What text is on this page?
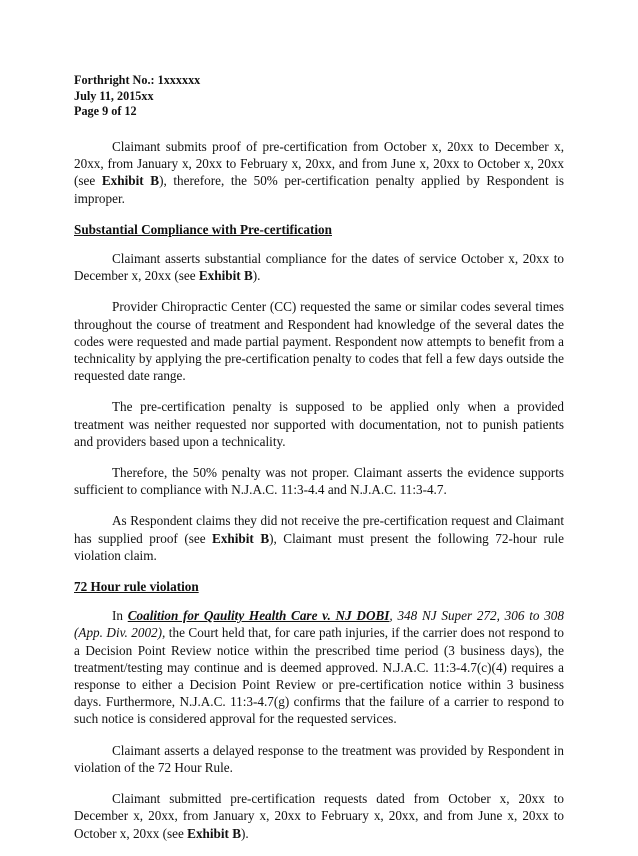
Forthright No.: 1xxxxxx
July 11, 2015xx
Page 9 of 12

Claimant submits proof of pre-certification from October x, 20xx to December x, 20xx, from January x, 20xx to February x, 20xx, and from June x, 20xx to October x, 20xx (see Exhibit B), therefore, the 50% per-certification penalty applied by Respondent is improper.

Substantial Compliance with Pre-certification

Claimant asserts substantial compliance for the dates of service October x, 20xx to December x, 20xx (see Exhibit B).

Provider Chiropractic Center (CC) requested the same or similar codes several times throughout the course of treatment and Respondent had knowledge of the several dates the codes were requested and made partial payment. Respondent now attempts to benefit from a technicality by applying the pre-certification penalty to codes that fell a few days outside the requested date range.

The pre-certification penalty is supposed to be applied only when a provided treatment was neither requested nor supported with documentation, not to punish patients and providers based upon a technicality.

Therefore, the 50% penalty was not proper. Claimant asserts the evidence supports sufficient to compliance with N.J.A.C. 11:3-4.4 and N.J.A.C. 11:3-4.7.

As Respondent claims they did not receive the pre-certification request and Claimant has supplied proof (see Exhibit B), Claimant must present the following 72-hour rule violation claim.

72 Hour rule violation

In Coalition for Qaulity Health Care v. NJ DOBI, 348 NJ Super 272, 306 to 308 (App. Div. 2002), the Court held that, for care path injuries, if the carrier does not respond to a Decision Point Review notice within the prescribed time period (3 business days), the treatment/testing may continue and is deemed approved. N.J.A.C. 11:3-4.7(c)(4) requires a response to either a Decision Point Review or pre-certification notice within 3 business days. Furthermore, N.J.A.C. 11:3-4.7(g) confirms that the failure of a carrier to respond to such notice is considered approval for the requested services.

Claimant asserts a delayed response to the treatment was provided by Respondent in violation of the 72 Hour Rule.

Claimant submitted pre-certification requests dated from October x, 20xx to December x, 20xx, from January x, 20xx to February x, 20xx, and from June x, 20xx to October x, 20xx (see Exhibit B).
